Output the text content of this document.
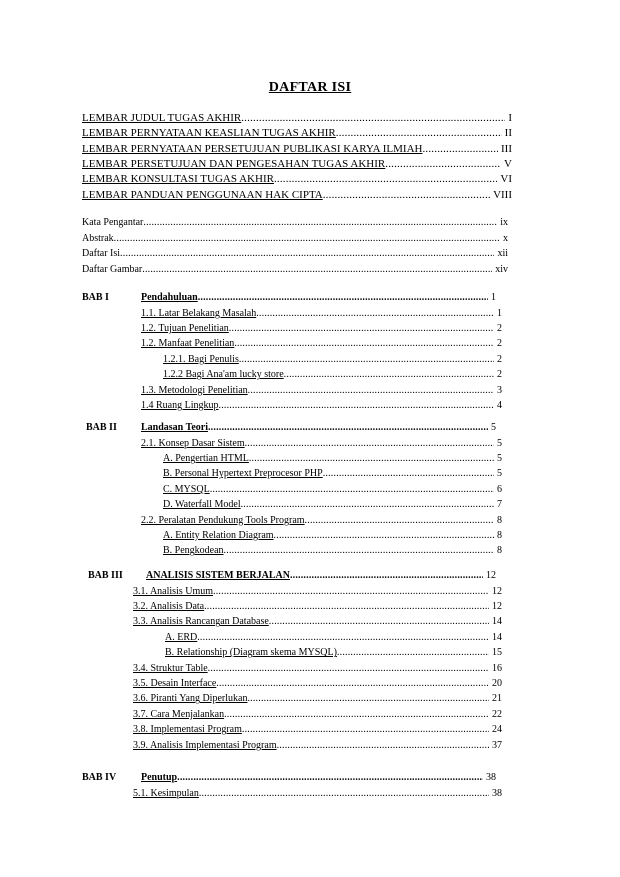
DAFTAR ISI
LEMBAR JUDUL TUGAS AKHIR .....	I
LEMBAR PERNYATAAN KEASLIAN TUGAS AKHIR .....	II
LEMBAR PERNYATAAN PERSETUJUAN PUBLIKASI KARYA ILMIAH .....	III
LEMBAR PERSETUJUAN DAN PENGESAHAN TUGAS AKHIR .....	V
LEMBAR KONSULTASI TUGAS AKHIR .....	VI
LEMBAR PANDUAN PENGGUNAAN HAK CIPTA .....	VIII
Kata Pengantar .....	ix
Abstrak .....	x
Daftar Isi .....	xii
Daftar Gambar .....	xiv
BAB I	Pendahuluan .....	1
1.1. Latar Belakang Masalah .....	1
1.2. Tujuan Penelitian .....	2
1.2. Manfaat Penelitian .....	2
1.2.1. Bagi Penulis .....	2
1.2.2 Bagi Ana'am lucky store .....	2
1.3. Metodologi Penelitian .....	3
1.4 Ruang Lingkup .....	4
BAB II Landasan Teori .....	5
2.1. Konsep Dasar Sistem .....	5
A. Pengertian HTML .....	5
B. Personal Hypertext Preprocesor PHP .....	5
C. MYSQL .....	6
D. Waterfall Model .....	7
2.2. Peralatan Pendukung Tools Program .....	8
A. Entity Relation Diagram .....	8
B. Pengkodean .....	8
BAB III ANALISIS SISTEM BERJALAN .....	12
3.1. Analisis Umum .....	12
3.2. Analisis Data .....	12
3.3. Analisis Rancangan Database .....	14
A. ERD .....	14
B. Relationship (Diagram skema MYSQL) .....	15
3.4. Struktur Table .....	16
3.5. Desain Interface .....	20
3.6. Piranti Yang Diperlukan .....	21
3.7. Cara Menjalankan .....	22
3.8. Implementasi Program .....	24
3.9. Analisis Implementasi Program .....	37
BAB IV Penutup .....	38
5.1. Kesimpulan .....	38
